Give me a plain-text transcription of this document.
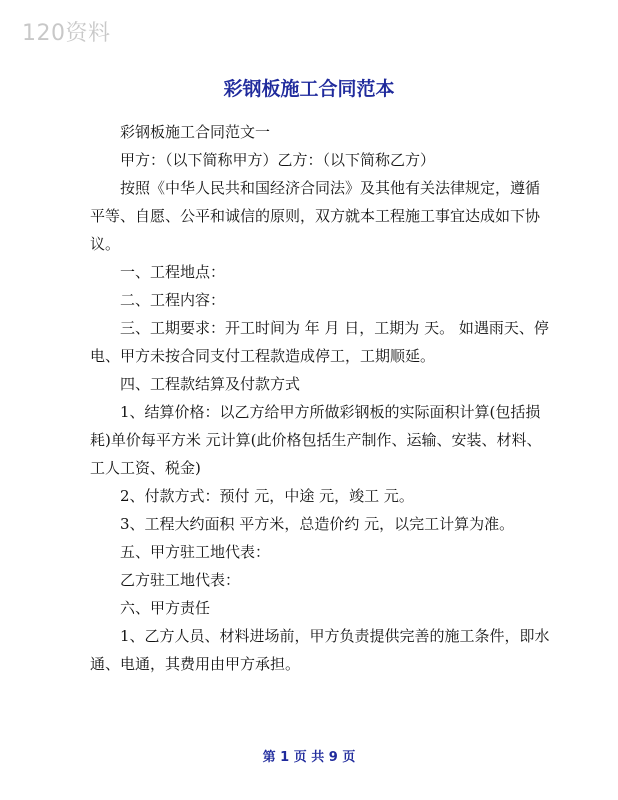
120资料
彩钢板施工合同范本

彩钢板施工合同范文一

甲方：（以下简称甲方）乙方：（以下简称乙方）

按照《中华人民共和国经济合同法》及其他有关法律规定，遵循平等、自愿、公平和诚信的原则，双方就本工程施工事宜达成如下协议。

一、工程地点：

二、工程内容：

三、工期要求：开工时间为 年 月 日，工期为 天。 如遇雨天、停电、甲方未按合同支付工程款造成停工，工期顺延。

四、工程款结算及付款方式

1、结算价格：以乙方给甲方所做彩钢板的实际面积计算(包括损耗)单价每平方米 元计算(此价格包括生产制作、运输、安装、材料、工人工资、税金)

2、付款方式：预付 元，中途 元，竣工 元。

3、工程大约面积 平方米，总造价约 元，以完工计算为准。

五、甲方驻工地代表：

乙方驻工地代表：

六、甲方责任

1、乙方人员、材料进场前，甲方负责提供完善的施工条件，即水通、电通，其费用由甲方承担。

第 1 页 共 9 页
